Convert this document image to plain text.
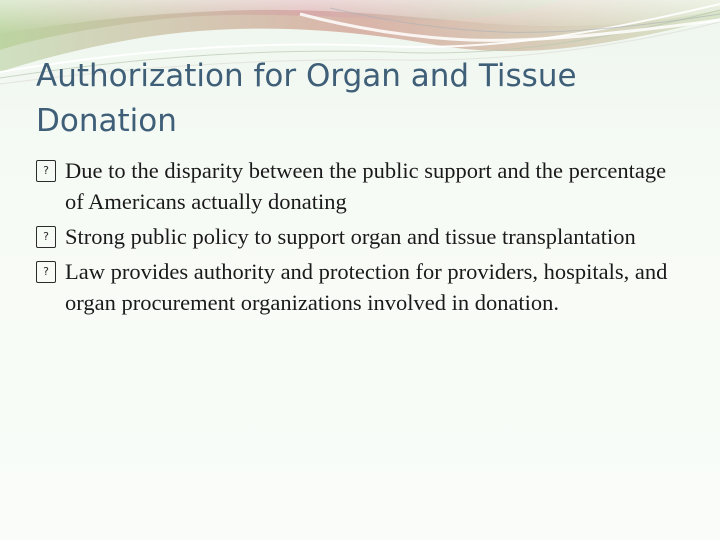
Authorization for Organ and Tissue Donation
? Due to the disparity between the public support and the percentage of Americans actually donating
? Strong public policy to support organ and tissue transplantation
? Law provides authority and protection for providers, hospitals, and organ procurement organizations involved in donation.
